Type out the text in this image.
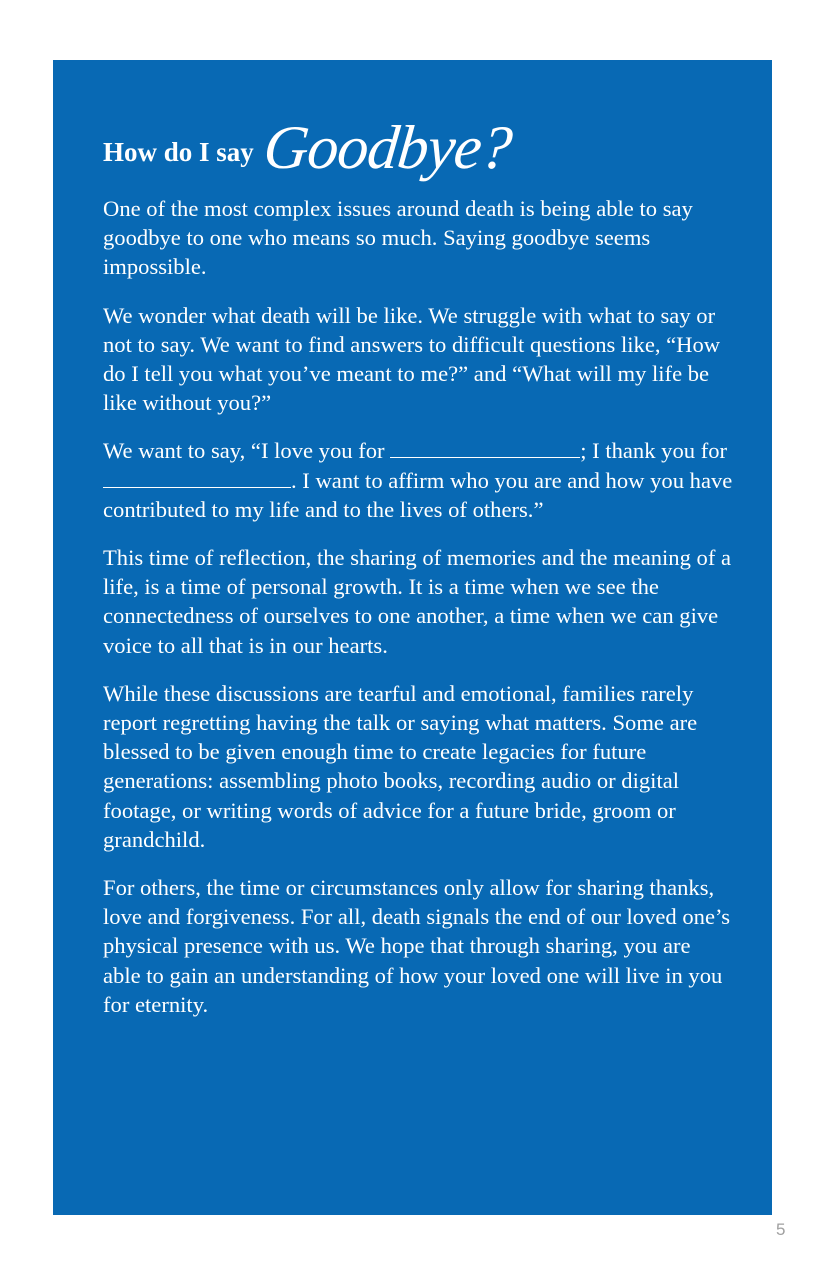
How do I say Goodbye?

One of the most complex issues around death is being able to say goodbye to one who means so much. Saying goodbye seems impossible.

We wonder what death will be like. We struggle with what to say or not to say. We want to find answers to difficult questions like, “How do I tell you what you’ve meant to me?” and “What will my life be like without you?”

We want to say, “I love you for	; I thank you for . I want to affirm who you are and how you have contributed to my life and to the lives of others.”

This time of reflection, the sharing of memories and the meaning of a life, is a time of personal growth. It is a time when we see the connectedness of ourselves to one another, a time when we can give voice to all that is in our hearts.

While these discussions are tearful and emotional, families rarely report regretting having the talk or saying what matters. Some are blessed to be given enough time to create legacies for future generations: assembling photo books, recording audio or digital footage, or writing words of advice for a future bride, groom or grandchild.

For others, the time or circumstances only allow for sharing thanks, love and forgiveness. For all, death signals the end of our loved one’s physical presence with us. We hope that through sharing, you are able to gain an understanding of how your loved one will live in you for eternity.

5
